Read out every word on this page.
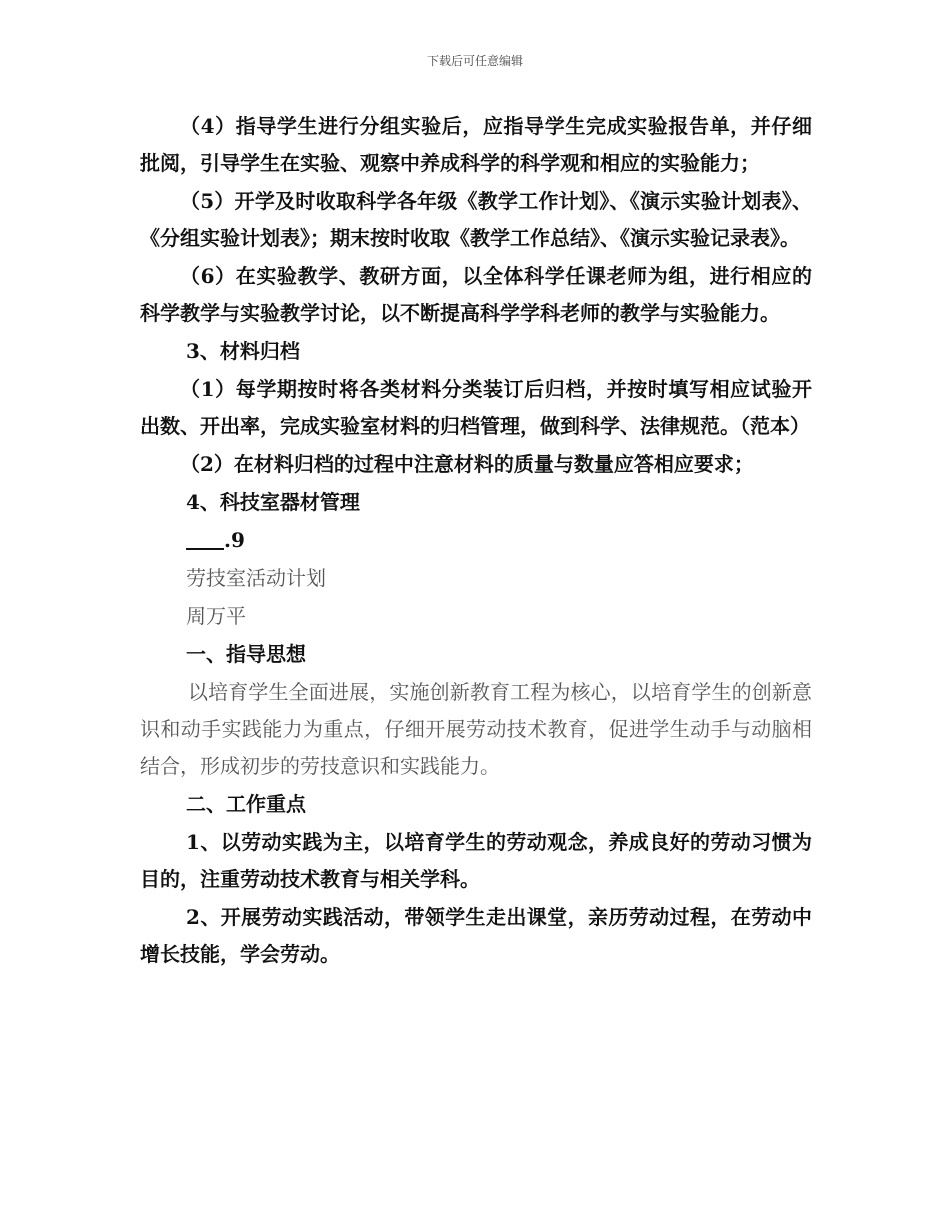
下载后可任意编辑

（4）指导学生进行分组实验后，应指导学生完成实验报告单，并仔细批阅，引导学生在实验、观察中养成科学的科学观和相应的实验能力；

（5）开学及时收取科学各年级《教学工作计划》、《演示实验计划表》、《分组实验计划表》；期末按时收取《教学工作总结》、《演示实验记录表》。

（6）在实验教学、教研方面，以全体科学任课老师为组，进行相应的科学教学与实验教学讨论，以不断提高科学学科老师的教学与实验能力。

3、材料归档

（1）每学期按时将各类材料分类装订后归档，并按时填写相应试验开出数、开出率，完成实验室材料的归档管理，做到科学、法律规范。（范本）

（2）在材料归档的过程中注意材料的质量与数量应答相应要求；

4、科技室器材管理

.9

劳技室活动计划

周万平

一、指导思想

以培育学生全面进展，实施创新教育工程为核心，以培育学生的创新意识和动手实践能力为重点，仔细开展劳动技术教育，促进学生动手与动脑相结合，形成初步的劳技意识和实践能力。

二、工作重点

1、以劳动实践为主，以培育学生的劳动观念，养成良好的劳动习惯为目的，注重劳动技术教育与相关学科。

2、开展劳动实践活动，带领学生走出课堂，亲历劳动过程，在劳动中增长技能，学会劳动。
